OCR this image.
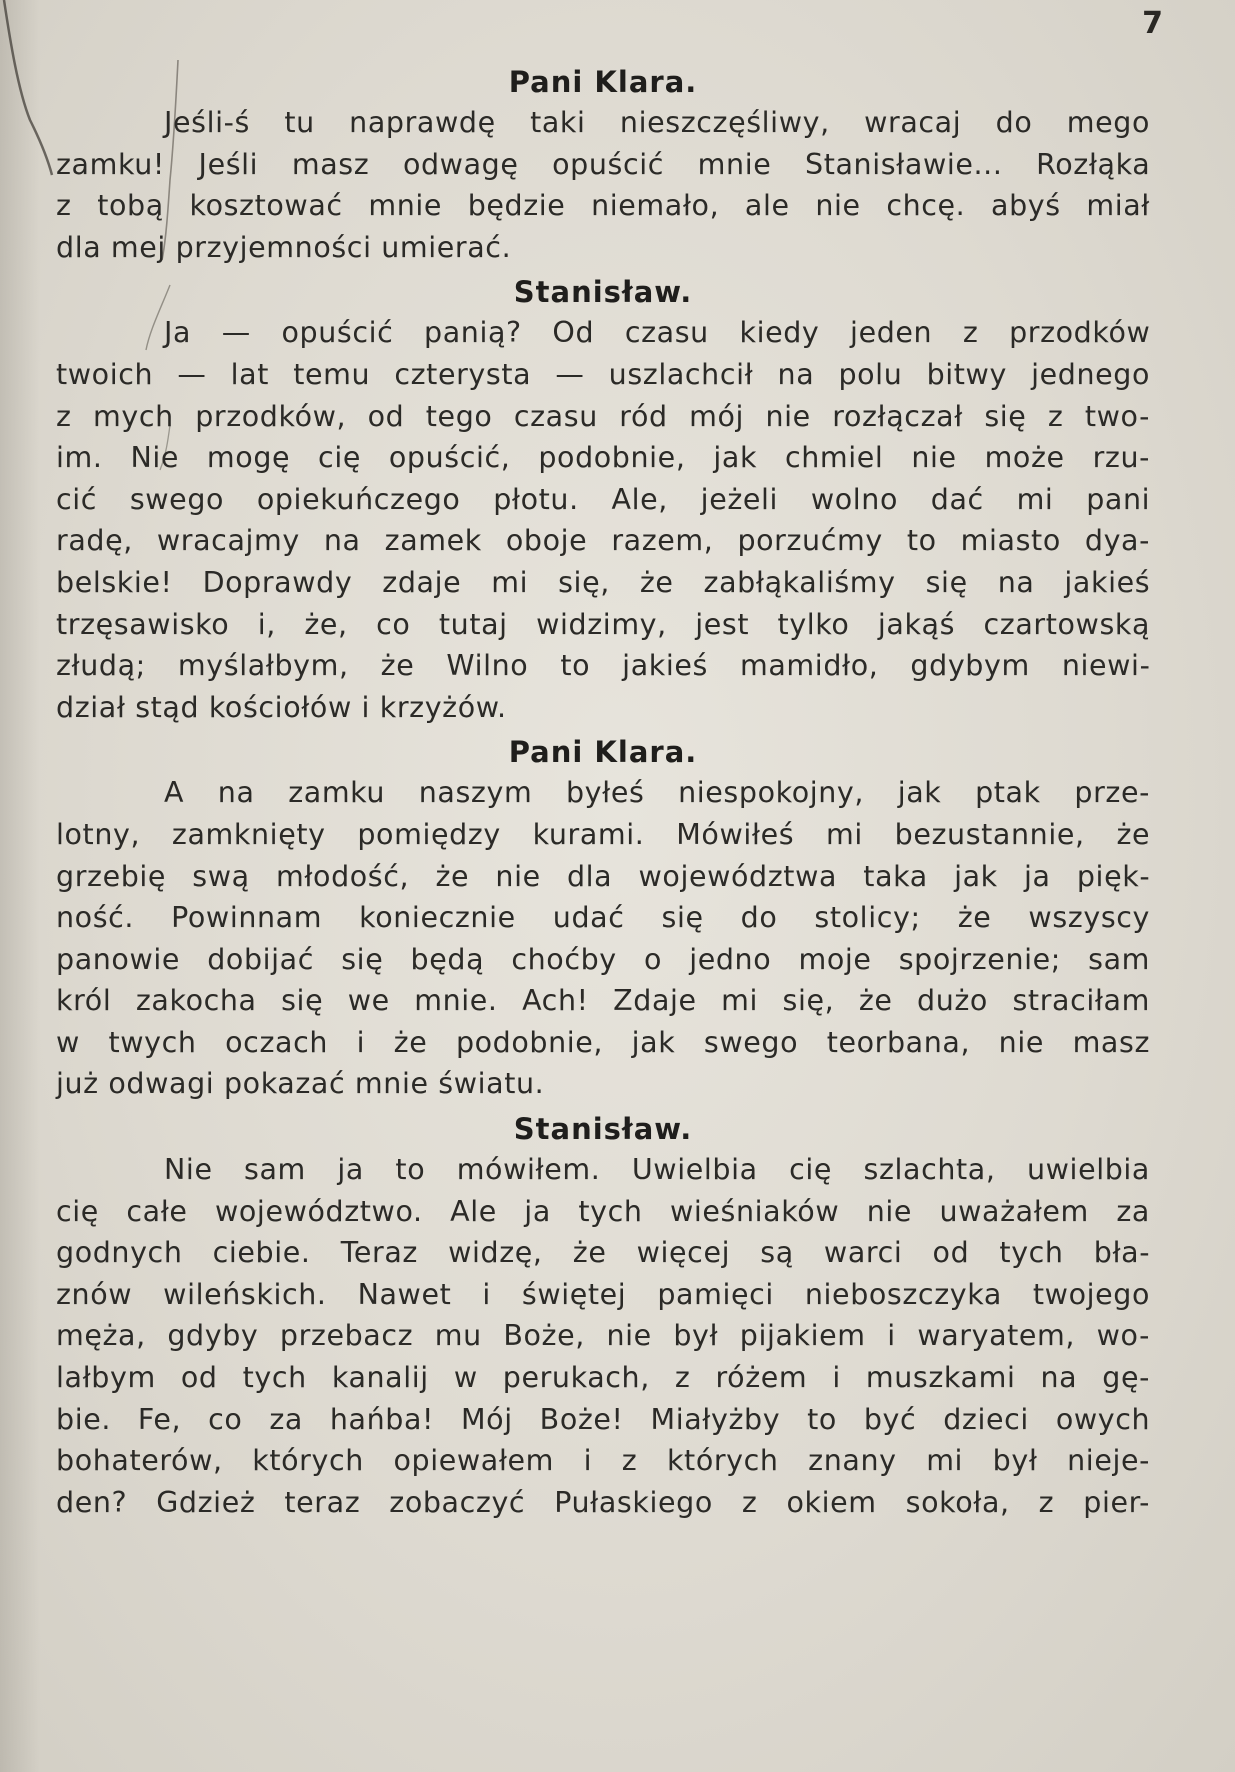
7
Pani Klara.
Jeśli-ś tu naprawdę taki nieszczęśliwy, wracaj do mego
zamku! Jeśli masz odwagę opuścić mnie Stanisławie... Rozłąka
z tobą kosztować mnie będzie niemało, ale nie chcę. abyś miał
dla mej przyjemności umierać.
Stanisław.
Ja — opuścić panią? Od czasu kiedy jeden z przodków
twoich — lat temu czterysta — uszlachcił na polu bitwy jednego
z mych przodków, od tego czasu ród mój nie rozłączał się z two-
im. Nie mogę cię opuścić, podobnie, jak chmiel nie może rzu-
cić swego opiekuńczego płotu. Ale, jeżeli wolno dać mi pani
radę, wracajmy na zamek oboje razem, porzućmy to miasto dya-
belskie! Doprawdy zdaje mi się, że zabłąkaliśmy się na jakieś
trzęsawisko i, że, co tutaj widzimy, jest tylko jakąś czartowską
złudą; myślałbym, że Wilno to jakieś mamidło, gdybym niewi-
dział stąd kościołów i krzyżów.
Pani Klara.
A na zamku naszym byłeś niespokojny, jak ptak prze-
lotny, zamknięty pomiędzy kurami. Mówiłeś mi bezustannie, że
grzebię swą młodość, że nie dla województwa taka jak ja pięk-
ność. Powinnam koniecznie udać się do stolicy; że wszyscy
panowie dobijać się będą choćby o jedno moje spojrzenie; sam
król zakocha się we mnie. Ach! Zdaje mi się, że dużo straciłam
w twych oczach i że podobnie, jak swego teorbana, nie masz
już odwagi pokazać mnie światu.
Stanisław.
Nie sam ja to mówiłem. Uwielbia cię szlachta, uwielbia
cię całe województwo. Ale ja tych wieśniaków nie uważałem za
godnych ciebie. Teraz widzę, że więcej są warci od tych bła-
znów wileńskich. Nawet i świętej pamięci nieboszczyka twojego
męża, gdyby przebacz mu Boże, nie był pijakiem i waryatem, wo-
lałbym od tych kanalij w perukach, z różem i muszkami na gę-
bie. Fe, co za hańba! Mój Boże! Miałyżby to być dzieci owych
bohaterów, których opiewałem i z których znany mi był nieje-
den? Gdzież teraz zobaczyć Pułaskiego z okiem sokoła, z pier-
